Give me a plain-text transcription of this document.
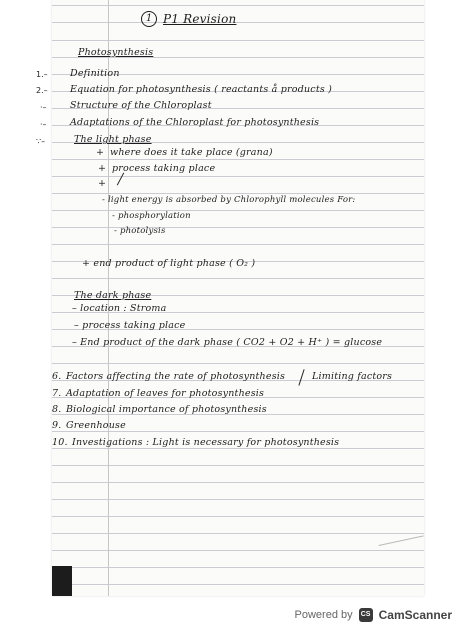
1 P1 Revision
Photosynthesis
1.– Definition
2.– Equation for photosynthesis ( reactants å products )
·– Structure of the Chloroplast
·– Adaptations of the Chloroplast for photosynthesis
∵–	The light phase
+ where does it take place (grana)
+ process taking place
+
- light energy is absorbed by Chlorophyll molecules For:
- phosphorylation
- photolysis
+ end product of light phase ( O₂ )
The dark phase
– location : Stroma
– process taking place
– End product of the dark phase ( CO2 + O2 + H⁺ ) = glucose
6. Factors affecting the rate of photosynthesis	Limiting factors
7. Adaptation of leaves for photosynthesis
8. Biological importance of photosynthesis
9. Greenhouse
10. Investigations : Light is necessary for photosynthesis
Powered by	CS CamScanner
